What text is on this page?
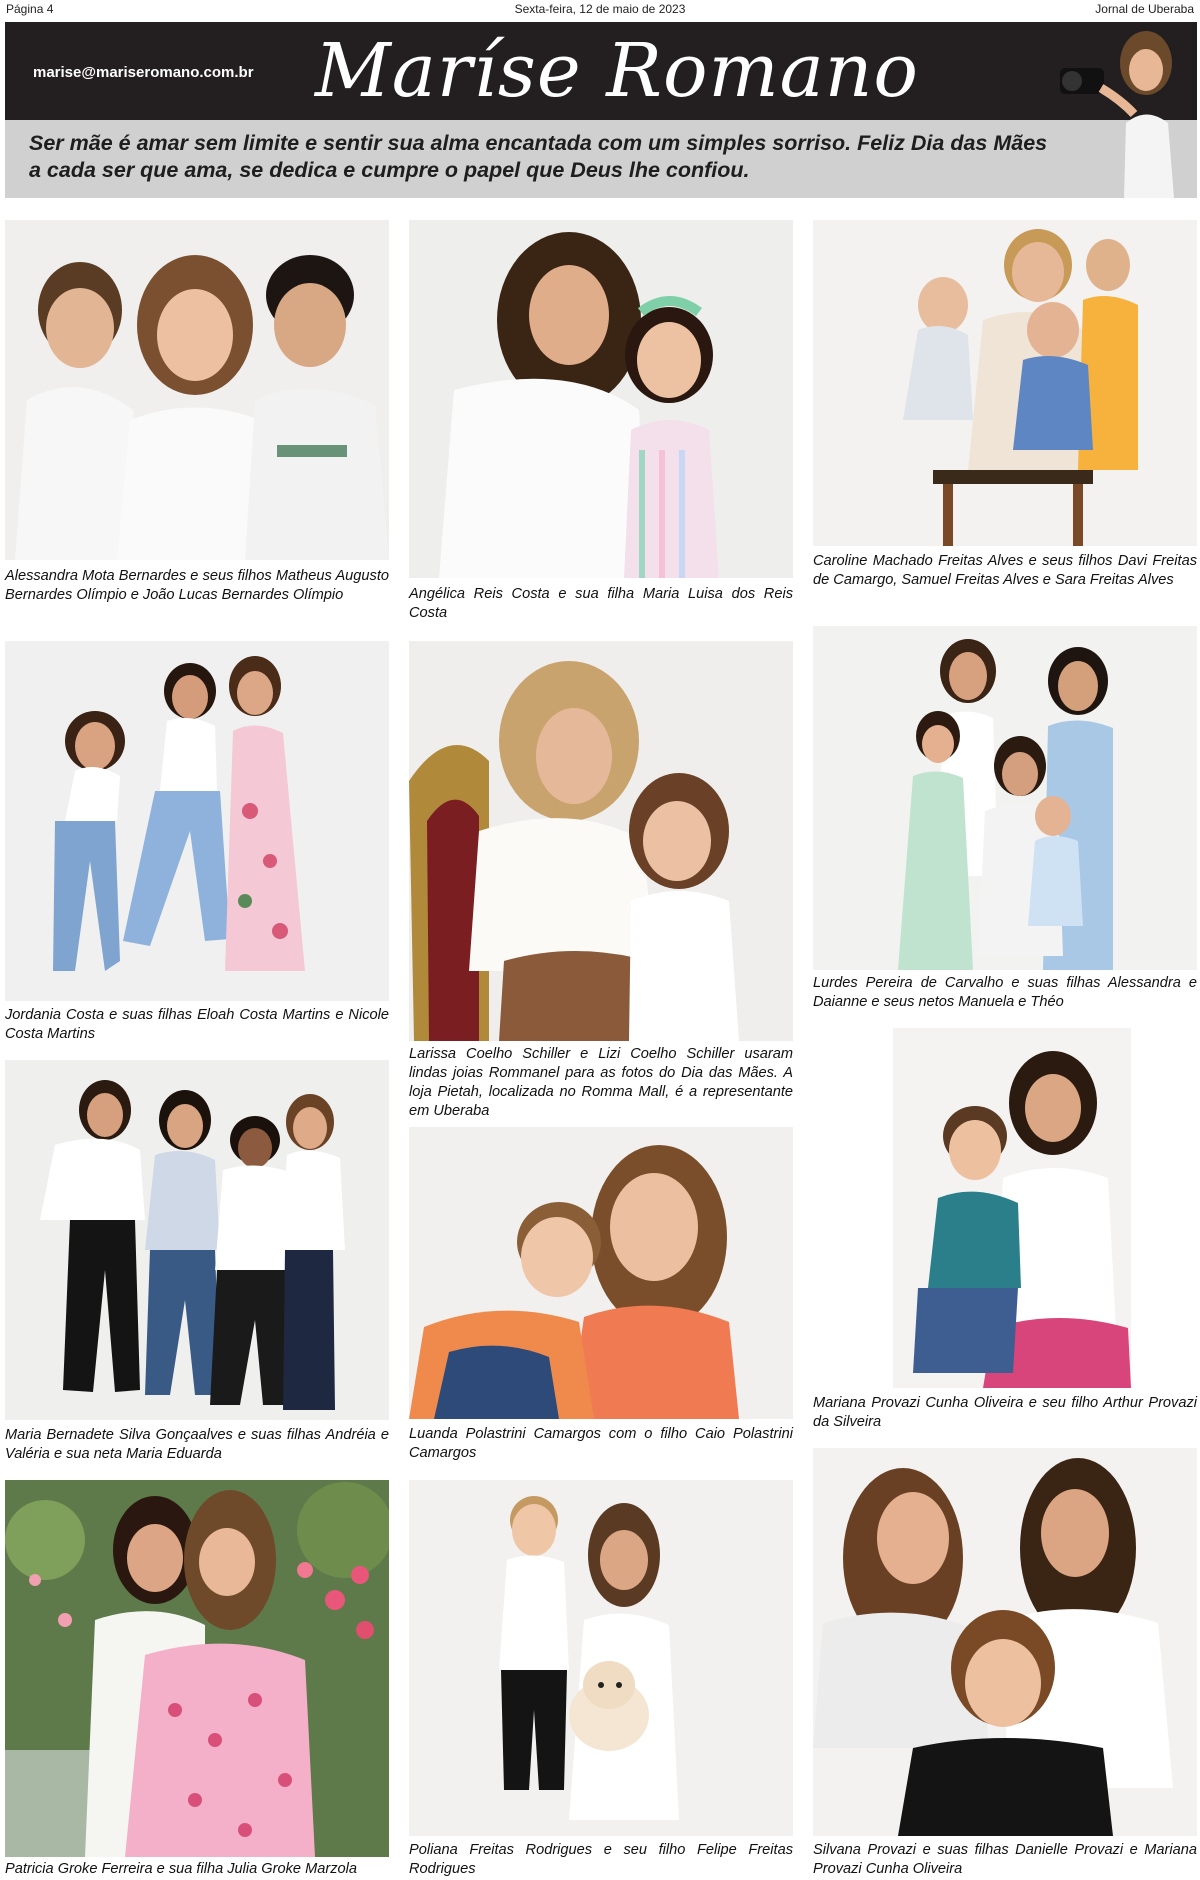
Página 4	Sexta-feira, 12 de maio de 2023	Jornal de Uberaba
marise@mariseromano.com.br Maríse Romano

Ser mãe é amar sem limite e sentir sua alma encantada com um simples sorriso. Feliz Dia das Mães a cada ser que ama, se dedica e cumpre o papel que Deus lhe confiou.

Alessandra Mota Bernardes e seus filhos Matheus Augusto Bernardes Olímpio e João Lucas Bernardes Olímpio	Angélica Reis Costa e sua filha Maria Luisa dos Reis Costa

Caroline Machado Freitas Alves e seus filhos Davi Freitas de Camargo, Samuel Freitas Alves e Sara Freitas Alves

Jordania Costa e suas filhas Eloah Costa Martins e Nicole Costa Martins

Larissa Coelho Schiller e Lizi Coelho Schiller usaram lindas joias Rommanel para as fotos do Dia das Mães. A loja Pietah, localizada no Romma Mall, é a representante em Uberaba

Lurdes Pereira de Carvalho e suas filhas Alessandra e Daianne e seus netos Manuela e Théo

Maria Bernadete Silva Gonçaalves e suas filhas Andréia e Valéria e sua neta Maria Eduarda

Luanda Polastrini Camargos com o filho Caio Polastrini Camargos

Mariana Provazi Cunha Oliveira e seu filho Arthur Provazi da Silveira

Patricia Groke Ferreira e sua filha Julia Groke Marzola

Poliana Freitas Rodrigues e seu filho Felipe Freitas Rodrigues

Silvana Provazi e suas filhas Danielle Provazi e Mariana Provazi Cunha Oliveira
